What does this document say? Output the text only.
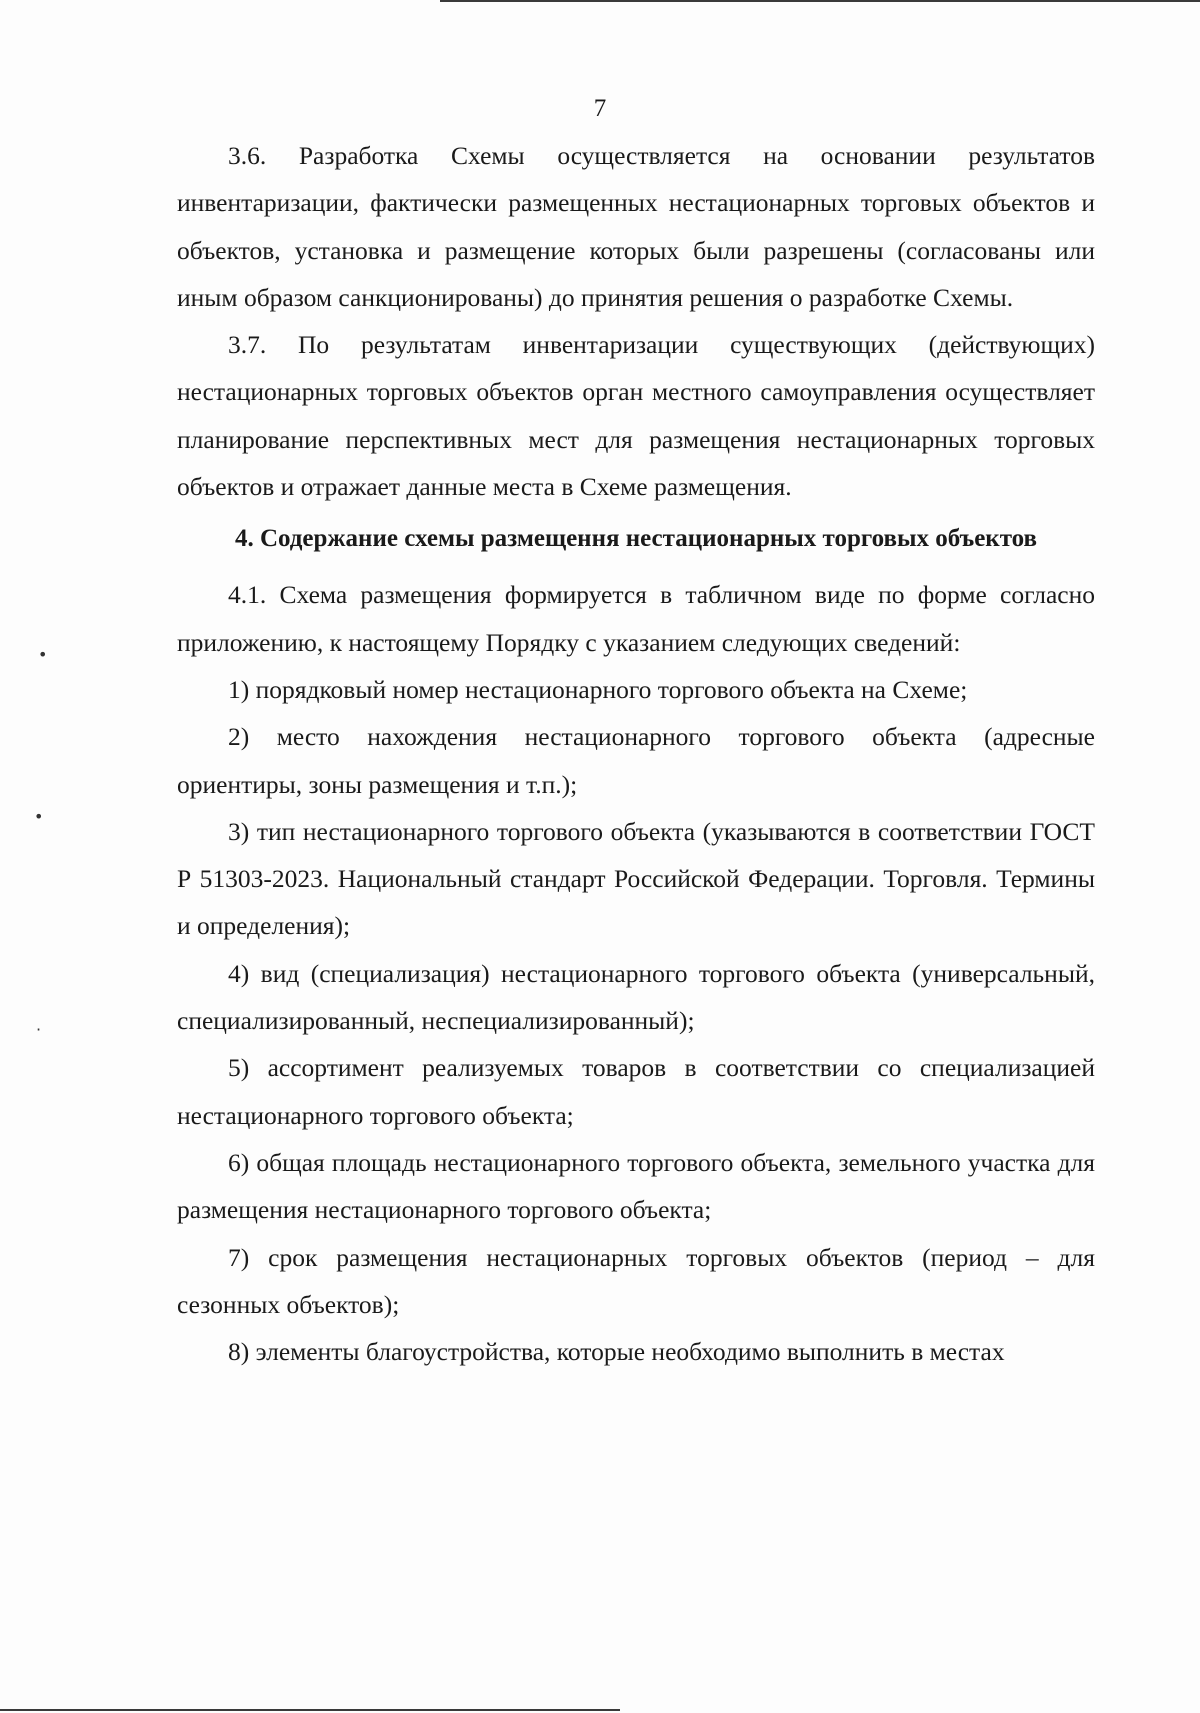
7

3.6. Разработка Схемы осуществляется на основании результатов инвентаризации, фактически размещенных нестационарных торговых объектов и объектов, установка и размещение которых были разрешены (согласованы или иным образом санкционированы) до принятия решения о разработке Схемы.

3.7. По результатам инвентаризации существующих (действующих) нестационарных торговых объектов орган местного самоуправления осуществляет планирование перспективных мест для размещения нестационарных торговых объектов и отражает данные места в Схеме размещения.

4. Содержание схемы размещення нестационарных торговых объектов

4.1. Схема размещения формируется в табличном виде по форме согласно приложению, к настоящему Порядку с указанием следующих сведений:

1) порядковый номер нестационарного торгового объекта на Схеме;

2) место нахождения нестационарного торгового объекта (адресные ориентиры, зоны размещения и т.п.);

3) тип нестационарного торгового объекта (указываются в соответствии ГОСТ Р 51303-2023. Национальный стандарт Российской Федерации. Торговля. Термины и определения);

4) вид (специализация) нестационарного торгового объекта (универсальный, специализированный, неспециализированный);

5) ассортимент реализуемых товаров в соответствии со специализацией нестационарного торгового объекта;

6) общая площадь нестационарного торгового объекта, земельного участка для размещения нестационарного торгового объекта;

7) срок размещения нестационарных торговых объектов (период – для сезонных объектов);

8) элементы благоустройства, которые необходимо выполнить в местах

•
•
·
